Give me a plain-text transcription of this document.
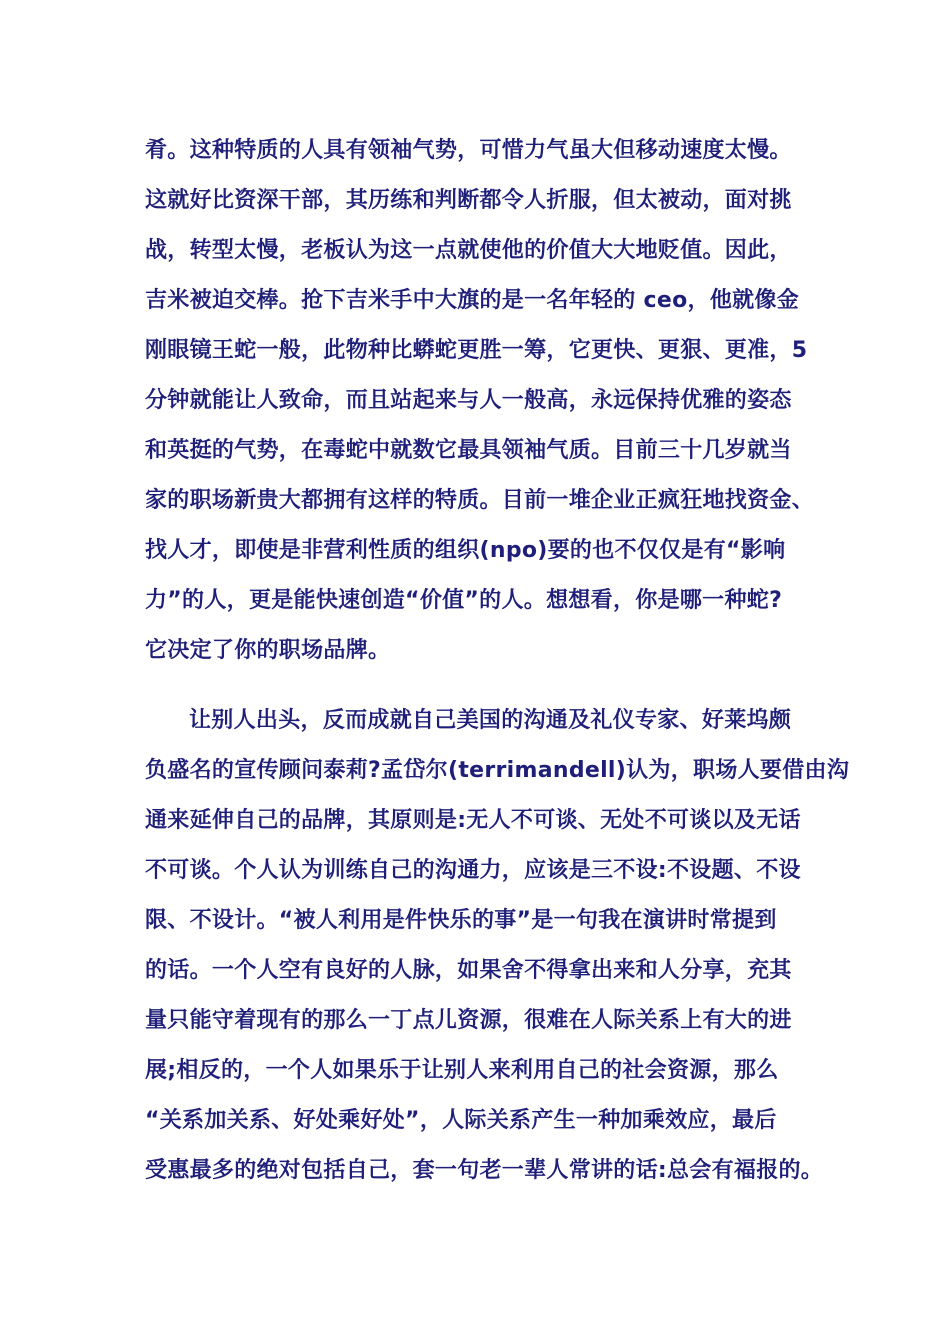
肴。这种特质的人具有领袖气势，可惜力气虽大但移动速度太慢。
这就好比资深干部，其历练和判断都令人折服，但太被动，面对挑
战，转型太慢，老板认为这一点就使他的价值大大地贬值。因此，
吉米被迫交棒。抢下吉米手中大旗的是一名年轻的 ceo，他就像金
刚眼镜王蛇一般，此物种比蟒蛇更胜一筹，它更快、更狠、更准，5
分钟就能让人致命，而且站起来与人一般高，永远保持优雅的姿态
和英挺的气势，在毒蛇中就数它最具领袖气质。目前三十几岁就当
家的职场新贵大都拥有这样的特质。目前一堆企业正疯狂地找资金、
找人才，即使是非营利性质的组织(npo)要的也不仅仅是有“影响
力”的人，更是能快速创造“价值”的人。想想看，你是哪一种蛇?
它决定了你的职场品牌。
让别人出头，反而成就自己美国的沟通及礼仪专家、好莱坞颇
负盛名的宣传顾问泰莉?孟岱尔(terrimandell)认为，职场人要借由沟
通来延伸自己的品牌，其原则是:无人不可谈、无处不可谈以及无话
不可谈。个人认为训练自己的沟通力，应该是三不设:不设题、不设
限、不设计。“被人利用是件快乐的事”是一句我在演讲时常提到
的话。一个人空有良好的人脉，如果舍不得拿出来和人分享，充其
量只能守着现有的那么一丁点儿资源，很难在人际关系上有大的进
展;相反的，一个人如果乐于让别人来利用自己的社会资源，那么
“关系加关系、好处乘好处”，人际关系产生一种加乘效应，最后
受惠最多的绝对包括自己，套一句老一辈人常讲的话:总会有福报的。
